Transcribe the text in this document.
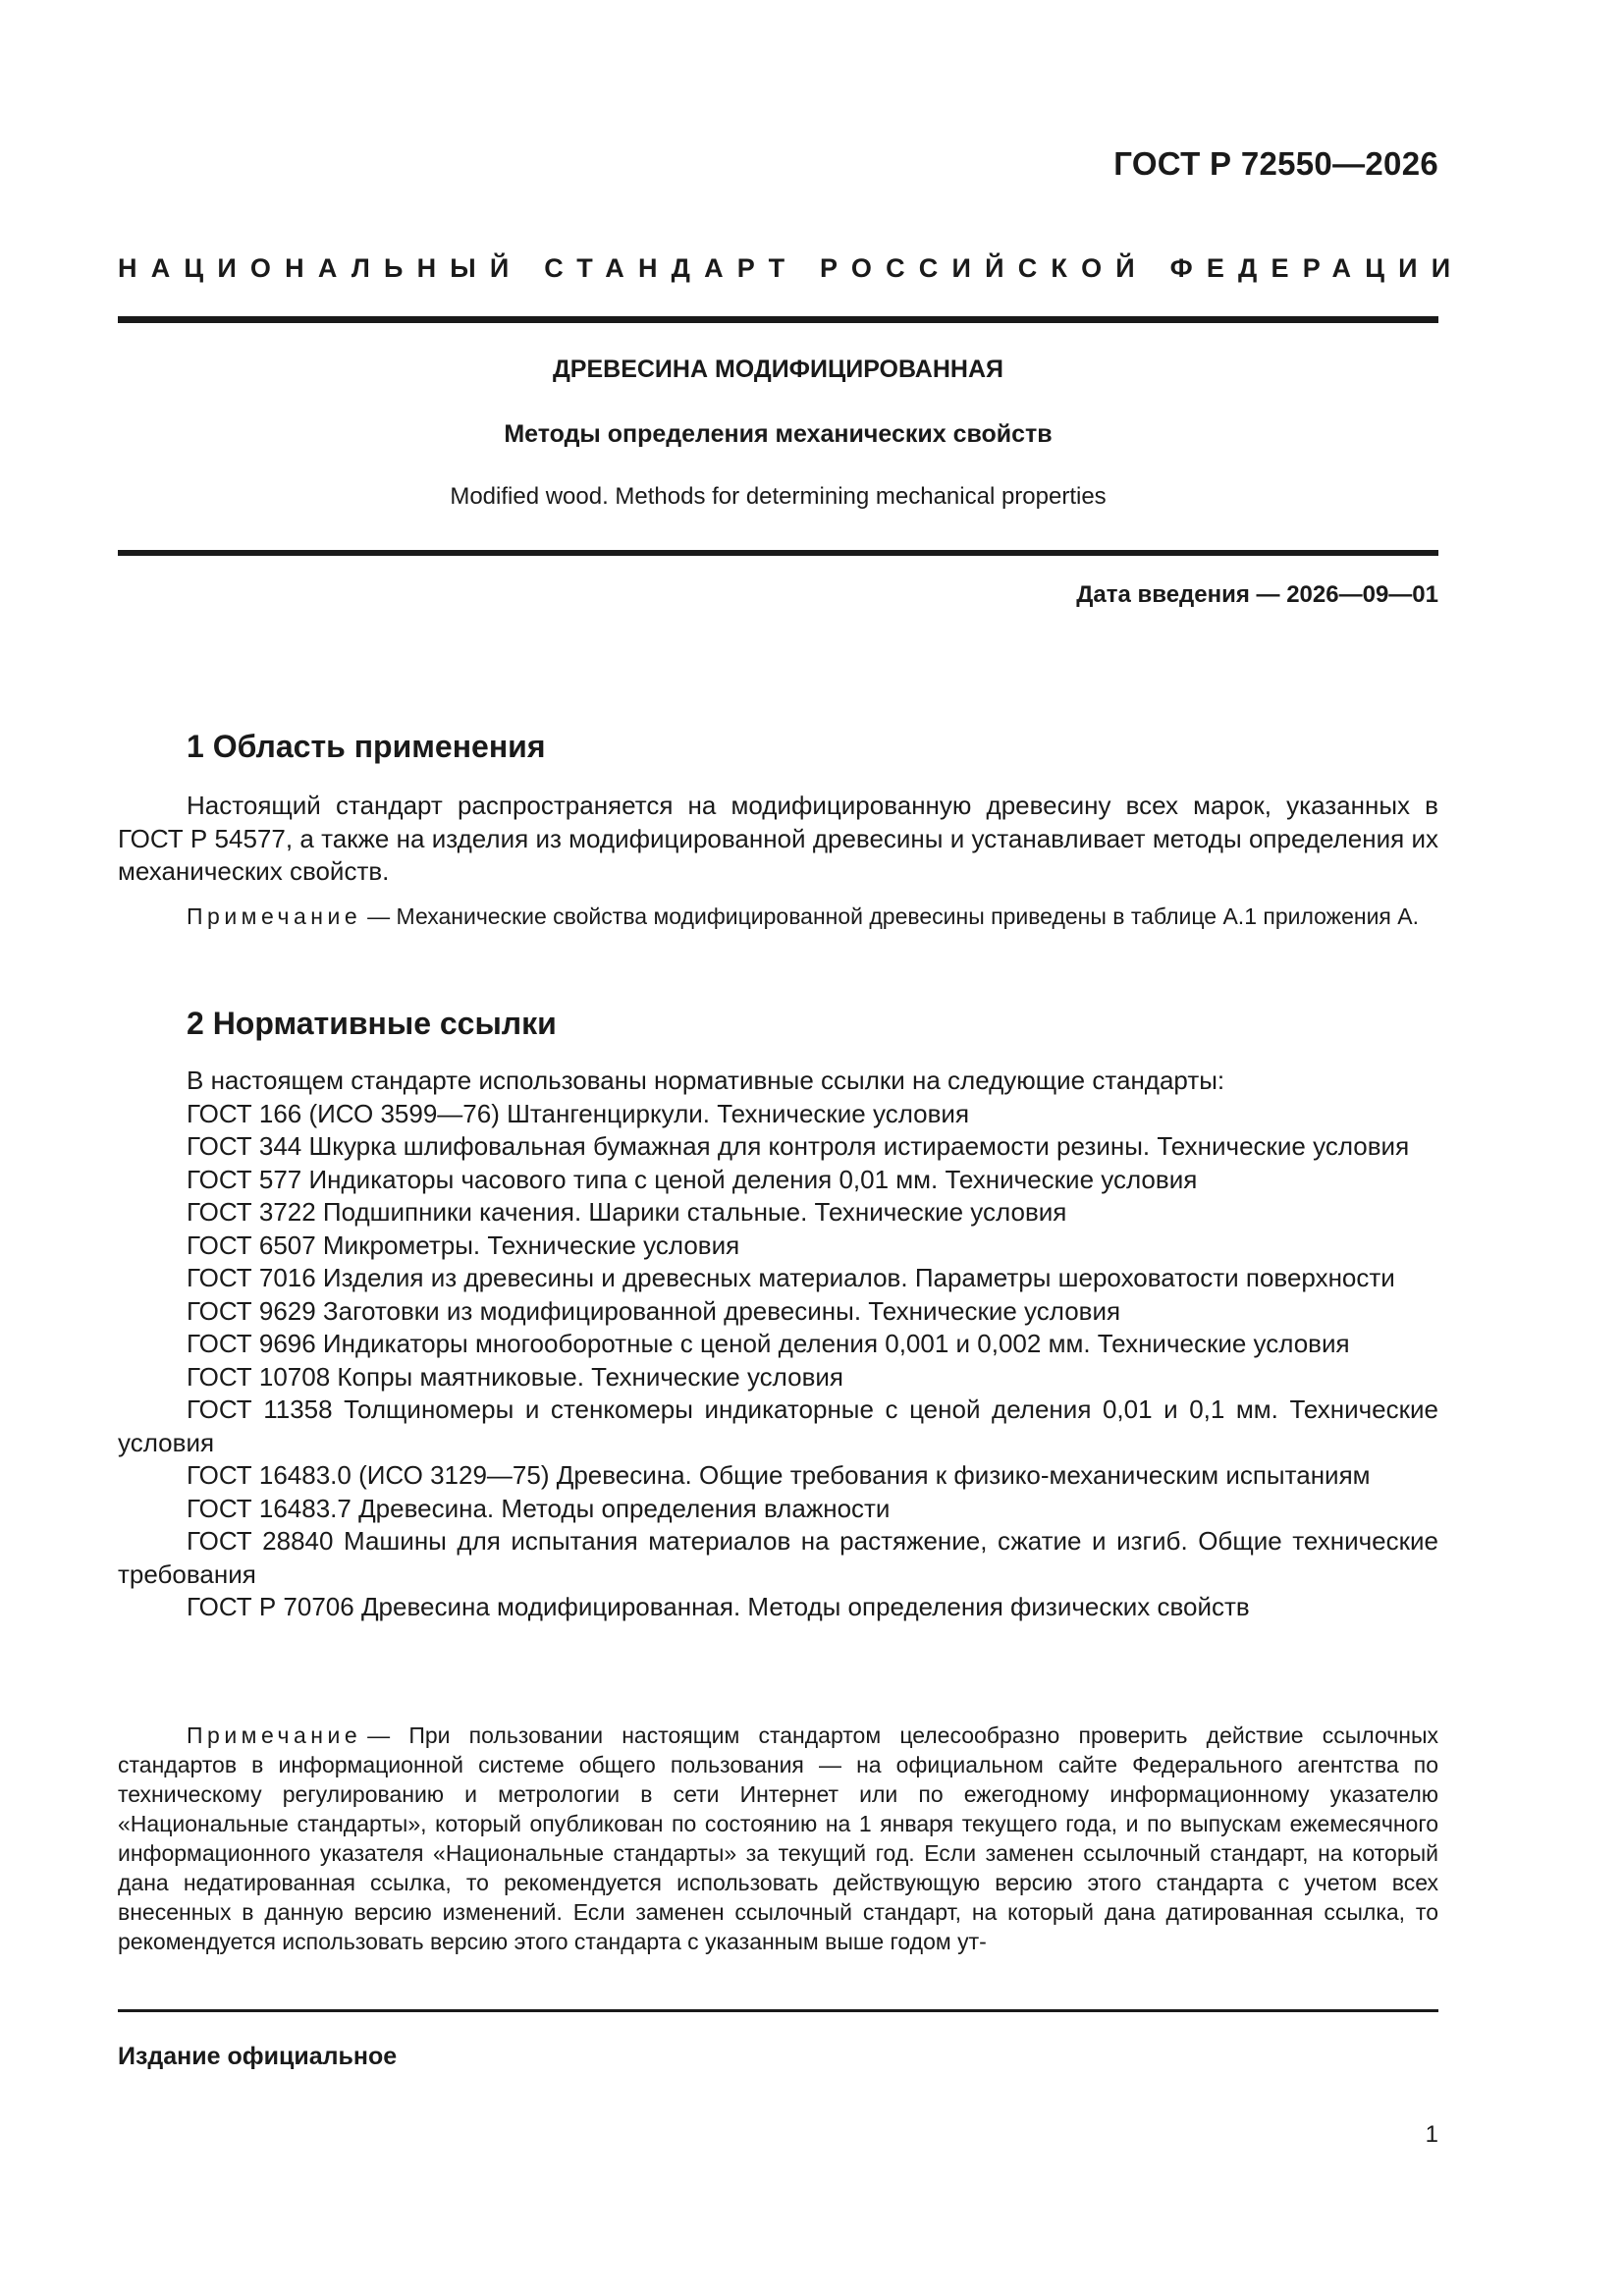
ГОСТ Р 72550—2026
НАЦИОНАЛЬНЫЙ СТАНДАРТ РОССИЙСКОЙ ФЕДЕРАЦИИ
ДРЕВЕСИНА МОДИФИЦИРОВАННАЯ
Методы определения механических свойств
Modified wood. Methods for determining mechanical properties
Дата введения — 2026—09—01
1 Область применения
Настоящий стандарт распространяется на модифицированную древесину всех марок, указанных в ГОСТ Р 54577, а также на изделия из модифицированной древесины и устанавливает методы определения их механических свойств.
Примечание — Механические свойства модифицированной древесины приведены в таблице А.1 приложения А.
2 Нормативные ссылки

В настоящем стандарте использованы нормативные ссылки на следующие стандарты:

ГОСТ 166 (ИСО 3599—76) Штангенциркули. Технические условия

ГОСТ 344 Шкурка шлифовальная бумажная для контроля истираемости резины. Технические условия

ГОСТ 577 Индикаторы часового типа с ценой деления 0,01 мм. Технические условия

ГОСТ 3722 Подшипники качения. Шарики стальные. Технические условия

ГОСТ 6507 Микрометры. Технические условия

ГОСТ 7016 Изделия из древесины и древесных материалов. Параметры шероховатости поверхности

ГОСТ 9629 Заготовки из модифицированной древесины. Технические условия

ГОСТ 9696 Индикаторы многооборотные с ценой деления 0,001 и 0,002 мм. Технические условия

ГОСТ 10708 Копры маятниковые. Технические условия

ГОСТ 11358 Толщиномеры и стенкомеры индикаторные с ценой деления 0,01 и 0,1 мм. Технические условия

ГОСТ 16483.0 (ИСО 3129—75) Древесина. Общие требования к физико-механическим испытаниям

ГОСТ 16483.7 Древесина. Методы определения влажности

ГОСТ 28840 Машины для испытания материалов на растяжение, сжатие и изгиб. Общие технические требования

ГОСТ Р 70706 Древесина модифицированная. Методы определения физических свойств

Примечание — При пользовании настоящим стандартом целесообразно проверить действие ссылочных стандартов в информационной системе общего пользования — на официальном сайте Федерального агентства по техническому регулированию и метрологии в сети Интернет или по ежегодному информационному указателю «Национальные стандарты», который опубликован по состоянию на 1 января текущего года, и по выпускам ежемесячного информационного указателя «Национальные стандарты» за текущий год. Если заменен ссылочный стандарт, на который дана недатированная ссылка, то рекомендуется использовать действующую версию этого стандарта с учетом всех внесенных в данную версию изменений. Если заменен ссылочный стандарт, на который дана датированная ссылка, то рекомендуется использовать версию этого стандарта с указанным выше годом ут-
Издание официальное
1
